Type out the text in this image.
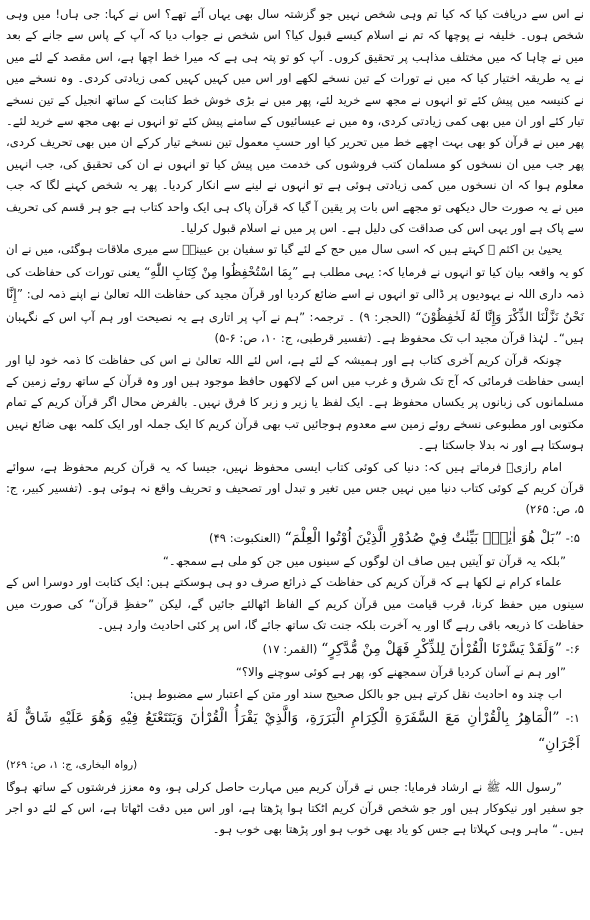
نے اس سے دریافت کیا کہ کیا تم وہی شخص نہیں جو گزشتہ سال بھی یہاں آئے تھے؟ اس نے کہا: جی ہاں! میں وہی شخص ہوں۔ خلیفہ نے پوچھا کہ تم نے اسلام کیسے قبول کیا؟ اس شخص نے جواب دیا کہ آپ کے پاس سے جانے کے بعد میں نے چاہا کہ میں مختلف مذاہب پر تحقیق کروں۔ آپ کو تو پتہ ہی ہے کہ میرا خط اچھا ہے، اس مقصد کے لئے میں نے یہ طریقہ اختیار کیا کہ میں نے تورات کے تین نسخے لکھے اور اس میں کہیں کہیں کمی زیادتی کردی۔ وہ نسخے میں نے کنیسہ میں پیش کئے تو انہوں نے مجھ سے خرید لئے، پھر میں نے بڑی خوش خط کتابت کے ساتھ انجیل کے تین نسخے تیار کئے اور ان میں بھی کمی زیادتی کردی، وہ میں نے عیسائیوں کے سامنے پیش کئے تو انہوں نے بھی مجھ سے خرید لئے۔ پھر میں نے قرآن کو بھی بہت اچھے خط میں تحریر کیا اور حسبِ معمول تین نسخے تیار کرکے ان میں بھی تحریف کردی، پھر جب میں ان نسخوں کو مسلمان کتب فروشوں کی خدمت میں پیش کیا تو انہوں نے ان کی تحقیق کی، جب انہیں معلوم ہوا کہ ان نسخوں میں کمی زیادتی ہوئی ہے تو انہوں نے لینے سے انکار کردیا۔ پھر یہ شخص کہنے لگا کہ جب میں نے یہ صورت حال دیکھی تو مجھے اس بات پر یقین آ گیا کہ قرآن پاک ہی ایک واحد کتاب ہے جو ہر قسم کی تحریف سے پاک ہے اور یہی اس کی صداقت کی دلیل ہے۔ اس پر میں نے اسلام قبول کرلیا۔

یحییٰ بن اکثم ﷫ کہتے ہیں کہ اسی سال میں حج کے لئے گیا تو سفیان بن عیینہؒ سے میری ملاقات ہوگئی، میں نے ان کو یہ واقعہ بیان کیا تو انہوں نے فرمایا کہ: یہی مطلب ہے ”بِمَا اسْتُحْفِظُوا مِنْ كِتَابِ اللّٰهِ“ یعنی تورات کی حفاظت کی ذمہ داری اللہ نے یہودیوں پر ڈالی تو انہوں نے اسے ضائع کردیا اور قرآن مجید کی حفاظت اللہ تعالیٰ نے اپنے ذمہ لی: ”إِنَّا نَحْنُ نَزَّلْنَا الذِّكْرَ وَإِنَّا لَهُ لَحٰفِظُوْنَ“ (الحجر: ۹) ۔ ترجمہ: ”ہم نے آپ پر اتاری ہے یہ نصیحت اور ہم آپ اس کے نگہبان ہیں“۔ لہٰذا قرآن مجید اب تک محفوظ ہے۔ (تفسیر قرطبی، ج: ۱۰، ص: ۶-۵)

چونکہ قرآن کریم آخری کتاب ہے اور ہمیشہ کے لئے ہے، اس لئے اللہ تعالیٰ نے اس کی حفاظت کا ذمہ خود لیا اور ایسی حفاظت فرمائی کہ آج تک شرق و غرب میں اس کے لاکھوں حافظ موجود ہیں اور وہ قرآن کے ساتھ روئے زمین کے مسلمانوں کی زبانوں پر یکساں محفوظ ہے۔ ایک لفظ یا زیر و زبر کا فرق نہیں۔ بالفرض محال اگر قرآن کریم کے تمام مکتوبی اور مطبوعی نسخے روئے زمین سے معدوم ہوجائیں تب بھی قرآن کریم کا ایک جملہ اور ایک کلمہ بھی ضائع نہیں ہوسکتا ہے اور نہ بدلا جاسکتا ہے۔

امام رازیؒ فرماتے ہیں کہ: دنیا کی کوئی کتاب ایسی محفوظ نہیں، جیسا کہ یہ قرآن کریم محفوظ ہے، سوائے قرآن کریم کے کوئی کتاب دنیا میں نہیں جس میں تغیر و تبدل اور تصحیف و تحریف واقع نہ ہوئی ہو۔ (تفسیر کبیر، ج: ۵، ص: ۲۶۵)

۵:- ”بَلْ هُوَ اٰيٰتٌۢ بَيِّنٰتٌ فِيْ صُدُوْرِ الَّذِيْنَ اُوْتُوا الْعِلْمَ“ (العنکبوت: ۴۹)

”بلکہ یہ قرآن تو آیتیں ہیں صاف ان لوگوں کے سینوں میں جن کو ملی ہے سمجھ۔“

علماء کرام نے لکھا ہے کہ قرآن کریم کی حفاظت کے ذرائع صرف دو ہی ہوسکتے ہیں: ایک کتابت اور دوسرا اس کے سینوں میں حفظ کرنا، قرب قیامت میں قرآن کریم کے الفاظ اٹھالئے جائیں گے، لیکن ”حفظِ قرآن“ کی صورت میں حفاظت کا ذریعہ باقی رہے گا اور یہ آخرت بلکہ جنت تک ساتھ جائے گا، اس پر کئی احادیث وارد ہیں۔

۶:- ”وَلَقَدْ يَسَّرْنَا الْقُرْاٰنَ لِلذِّكْرِ فَهَلْ مِنْ مُّدَّكِرٍ“ (القمر: ۱۷)

”اور ہم نے آسان کردیا قرآن سمجھنے کو، پھر ہے کوئی سوچنے والا؟“

اب چند وہ احادیث نقل کرتے ہیں جو بالکل صحیح سند اور متن کے اعتبار سے مضبوط ہیں:

۱:- ”الْمَاهِرُ بِالْقُرْاٰنِ مَعَ السَّفَرَةِ الْكِرَامِ الْبَرَرَةِ، وَالَّذِيْ يَقْرَأُ الْقُرْاٰنَ وَيَتَتَعْتَعُ فِيْهِ وَهُوَ عَلَيْهِ شَاقٌّ لَهُ اَجْرَانِ“
(رواہ البخاری، ج: ۱، ص: ۲۶۹)

”رسول اللہ ﷺ نے ارشاد فرمایا: جس نے قرآن کریم میں مہارت حاصل کرلی ہو، وہ معزز فرشتوں کے ساتھ ہوگا جو سفیر اور نیکوکار ہیں اور جو شخص قرآن کریم اٹکتا ہوا پڑھتا ہے، اور اس میں دقت اٹھاتا ہے، اس کے لئے دو اجر ہیں۔“ ماہر وہی کہلاتا ہے جس کو یاد بھی خوب ہو اور پڑھتا بھی خوب ہو۔
